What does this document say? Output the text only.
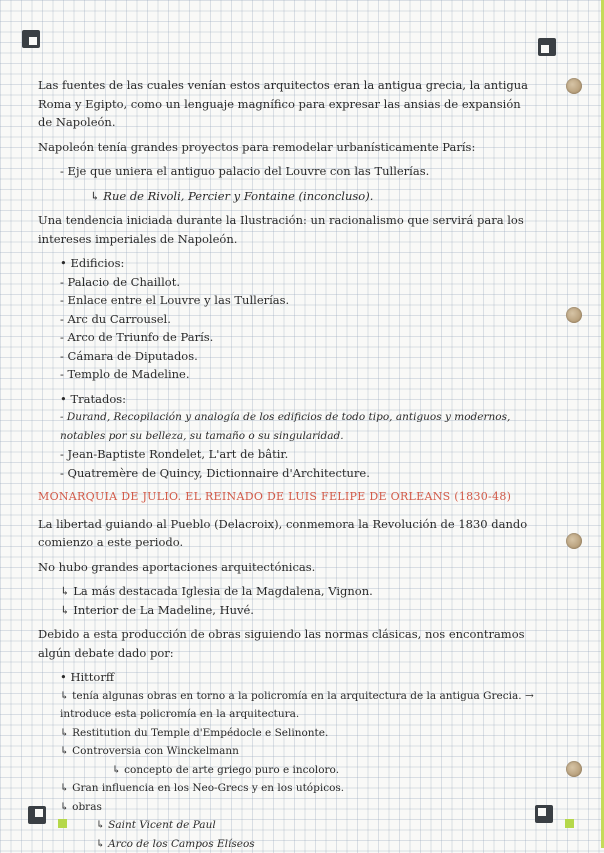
Las fuentes de las cuales venían estos arquitectos eran la antigua grecia, la antigua Roma y Egipto, como un lenguaje magnífico para expresar las ansias de expansión de Napoleón.

Napoleón tenía grandes proyectos para remodelar urbanísticamente París:

- Eje que uniera el antiguo palacio del Louvre con las Tullerías.

↳ Rue de Rivoli, Percier y Fontaine (inconcluso).

Una tendencia iniciada durante la Ilustración: un racionalismo que servirá para los intereses imperiales de Napoleón.

• Edificios:
- Palacio de Chaillot.
- Enlace entre el Louvre y las Tullerías.
- Arc du Carrousel.
- Arco de Triunfo de París.
- Cámara de Diputados.
- Templo de Madeline.
• Tratados:
- Durand, Recopilación y analogía de los edificios de todo tipo, antiguos y modernos, notables por su belleza, su tamaño o su singularidad.
- Jean-Baptiste Rondelet, L'art de bâtir.
- Quatremère de Quincy, Dictionnaire d'Architecture.
MONARQUIA DE JULIO. EL REINADO DE LUIS FELIPE DE ORLEANS (1830-48)

La libertad guiando al Pueblo (Delacroix), conmemora la Revolución de 1830 dando comienzo a este periodo.

No hubo grandes aportaciones arquitectónicas.

↳ La más destacada Iglesia de la Magdalena, Vignon.

↳ Interior de La Madeline, Huvé.

Debido a esta producción de obras siguiendo las normas clásicas, nos encontramos algún debate dado por:

• Hittorff
↳ tenía algunas obras en torno a la policromía en la arquitectura de la antigua Grecia. → introduce esta policromía en la arquitectura.
↳ Restitution du Temple d'Empédocle e Selinonte.
↳ Controversia con Winckelmann
↳ concepto de arte griego puro e incoloro.
↳ Gran influencia en los Neo-Grecs y en los utópicos.
↳ obras
↳ Saint Vicent de Paul
↳ Arco de los Campos Elíseos
